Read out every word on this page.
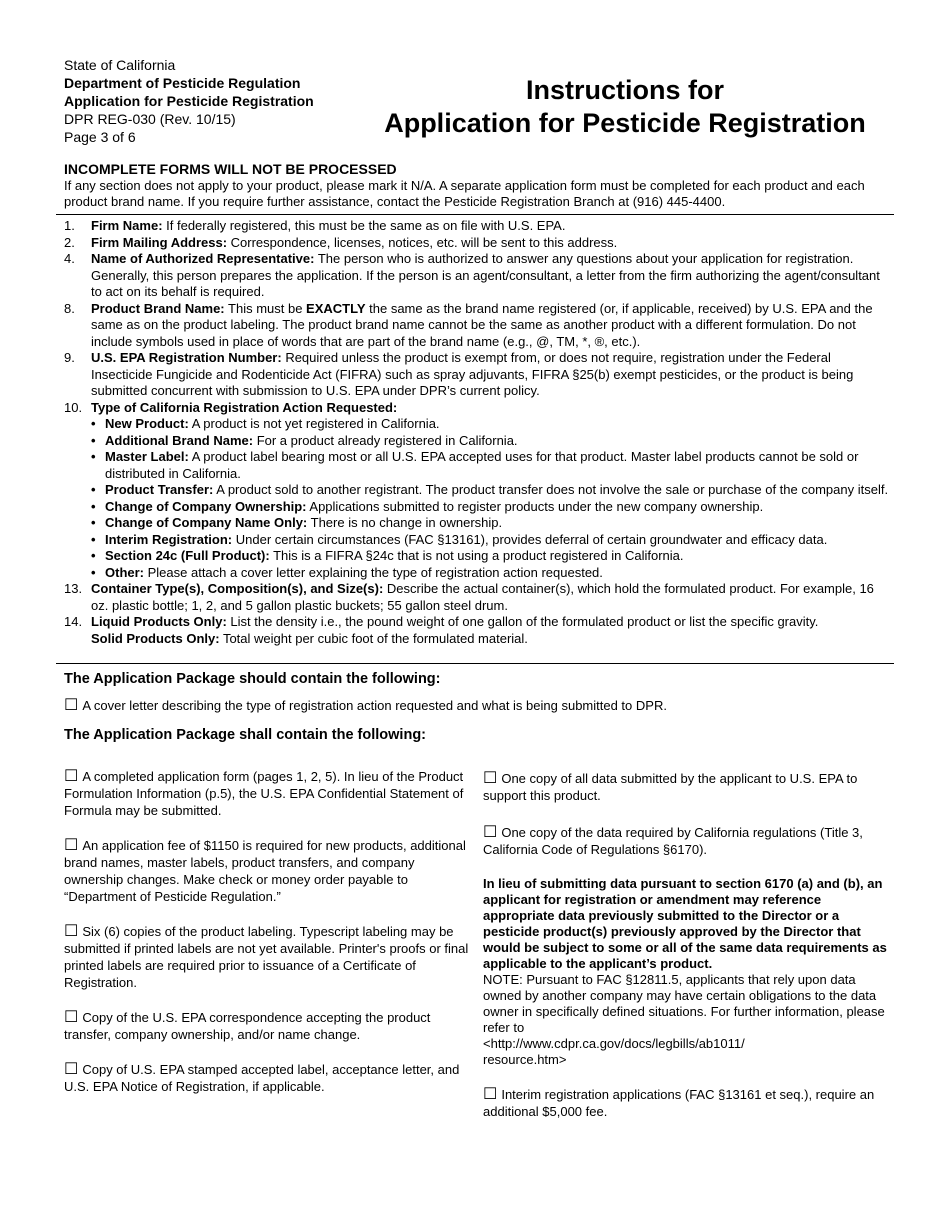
State of California
Department of Pesticide Regulation
Application for Pesticide Registration
DPR REG-030 (Rev. 10/15)
Page 3 of 6
Instructions for
Application for Pesticide Registration
INCOMPLETE FORMS WILL NOT BE PROCESSED
If any section does not apply to your product, please mark it N/A. A separate application form must be completed for each product and each product brand name. If you require further assistance, contact the Pesticide Registration Branch at (916) 445-4400.
1.	Firm Name: If federally registered, this must be the same as on file with U.S. EPA.
2.	Firm Mailing Address: Correspondence, licenses, notices, etc. will be sent to this address.
4.	Name of Authorized Representative: The person who is authorized to answer any questions about your application for registration. Generally, this person prepares the application. If the person is an agent/consultant, a letter from the firm authorizing the agent/consultant to act on its behalf is required.
8.	Product Brand Name: This must be EXACTLY the same as the brand name registered (or, if applicable, received) by U.S. EPA and the same as on the product labeling. The product brand name cannot be the same as another product with a different formulation. Do not include symbols used in place of words that are part of the brand name (e.g., @, TM, *, ®, etc.).
9.	U.S. EPA Registration Number: Required unless the product is exempt from, or does not require, registration under the Federal Insecticide Fungicide and Rodenticide Act (FIFRA) such as spray adjuvants, FIFRA §25(b) exempt pesticides, or the product is being submitted concurrent with submission to U.S. EPA under DPR’s current policy.
10. Type of California Registration Action Requested:
• New Product: A product is not yet registered in California.
• Additional Brand Name: For a product already registered in California.
• Master Label: A product label bearing most or all U.S. EPA accepted uses for that product. Master label products cannot be sold or distributed in California.
• Product Transfer: A product sold to another registrant. The product transfer does not involve the sale or purchase of the company itself.
• Change of Company Ownership: Applications submitted to register products under the new company ownership.
• Change of Company Name Only: There is no change in ownership.
• Interim Registration: Under certain circumstances (FAC §13161), provides deferral of certain groundwater and efficacy data.
• Section 24c (Full Product): This is a FIFRA §24c that is not using a product registered in California.
• Other: Please attach a cover letter explaining the type of registration action requested.
13. Container Type(s), Composition(s), and Size(s): Describe the actual container(s), which hold the formulated product. For example, 16 oz. plastic bottle; 1, 2, and 5 gallon plastic buckets; 55 gallon steel drum.
14. Liquid Products Only: List the density i.e., the pound weight of one gallon of the formulated product or list the specific gravity.
Solid Products Only: Total weight per cubic foot of the formulated material.
The Application Package should contain the following:
☐ A cover letter describing the type of registration action requested and what is being submitted to DPR.
The Application Package shall contain the following:

☐ A completed application form (pages 1, 2, 5). In lieu of the Product Formulation Information (p.5), the U.S. EPA Confidential Statement of Formula may be submitted.

☐ An application fee of $1150 is required for new products, additional brand names, master labels, product transfers, and company ownership changes. Make check or money order payable to “Department of Pesticide Regulation.”

☐ Six (6) copies of the product labeling. Typescript labeling may be submitted if printed labels are not yet available. Printer's proofs or final printed labels are required prior to issuance of a Certificate of Registration.

☐ Copy of the U.S. EPA correspondence accepting the product transfer, company ownership, and/or name change.

☐ Copy of U.S. EPA stamped accepted label, acceptance letter, and U.S. EPA Notice of Registration, if applicable.

☐ One copy of all data submitted by the applicant to U.S. EPA to support this product.

☐ One copy of the data required by California regulations (Title 3, California Code of Regulations §6170).

In lieu of submitting data pursuant to section 6170 (a) and (b), an applicant for registration or amendment may reference appropriate data previously submitted to the Director or a pesticide product(s) previously approved by the Director that would be subject to some or all of the same data requirements as applicable to the applicant’s product.
NOTE: Pursuant to FAC §12811.5, applicants that rely upon data owned by another company may have certain obligations to the data owner in specifically defined situations. For further information, please refer to
<http://www.cdpr.ca.gov/docs/legbills/ab1011/
resource.htm>

☐ Interim registration applications (FAC §13161 et seq.), require an additional $5,000 fee.
